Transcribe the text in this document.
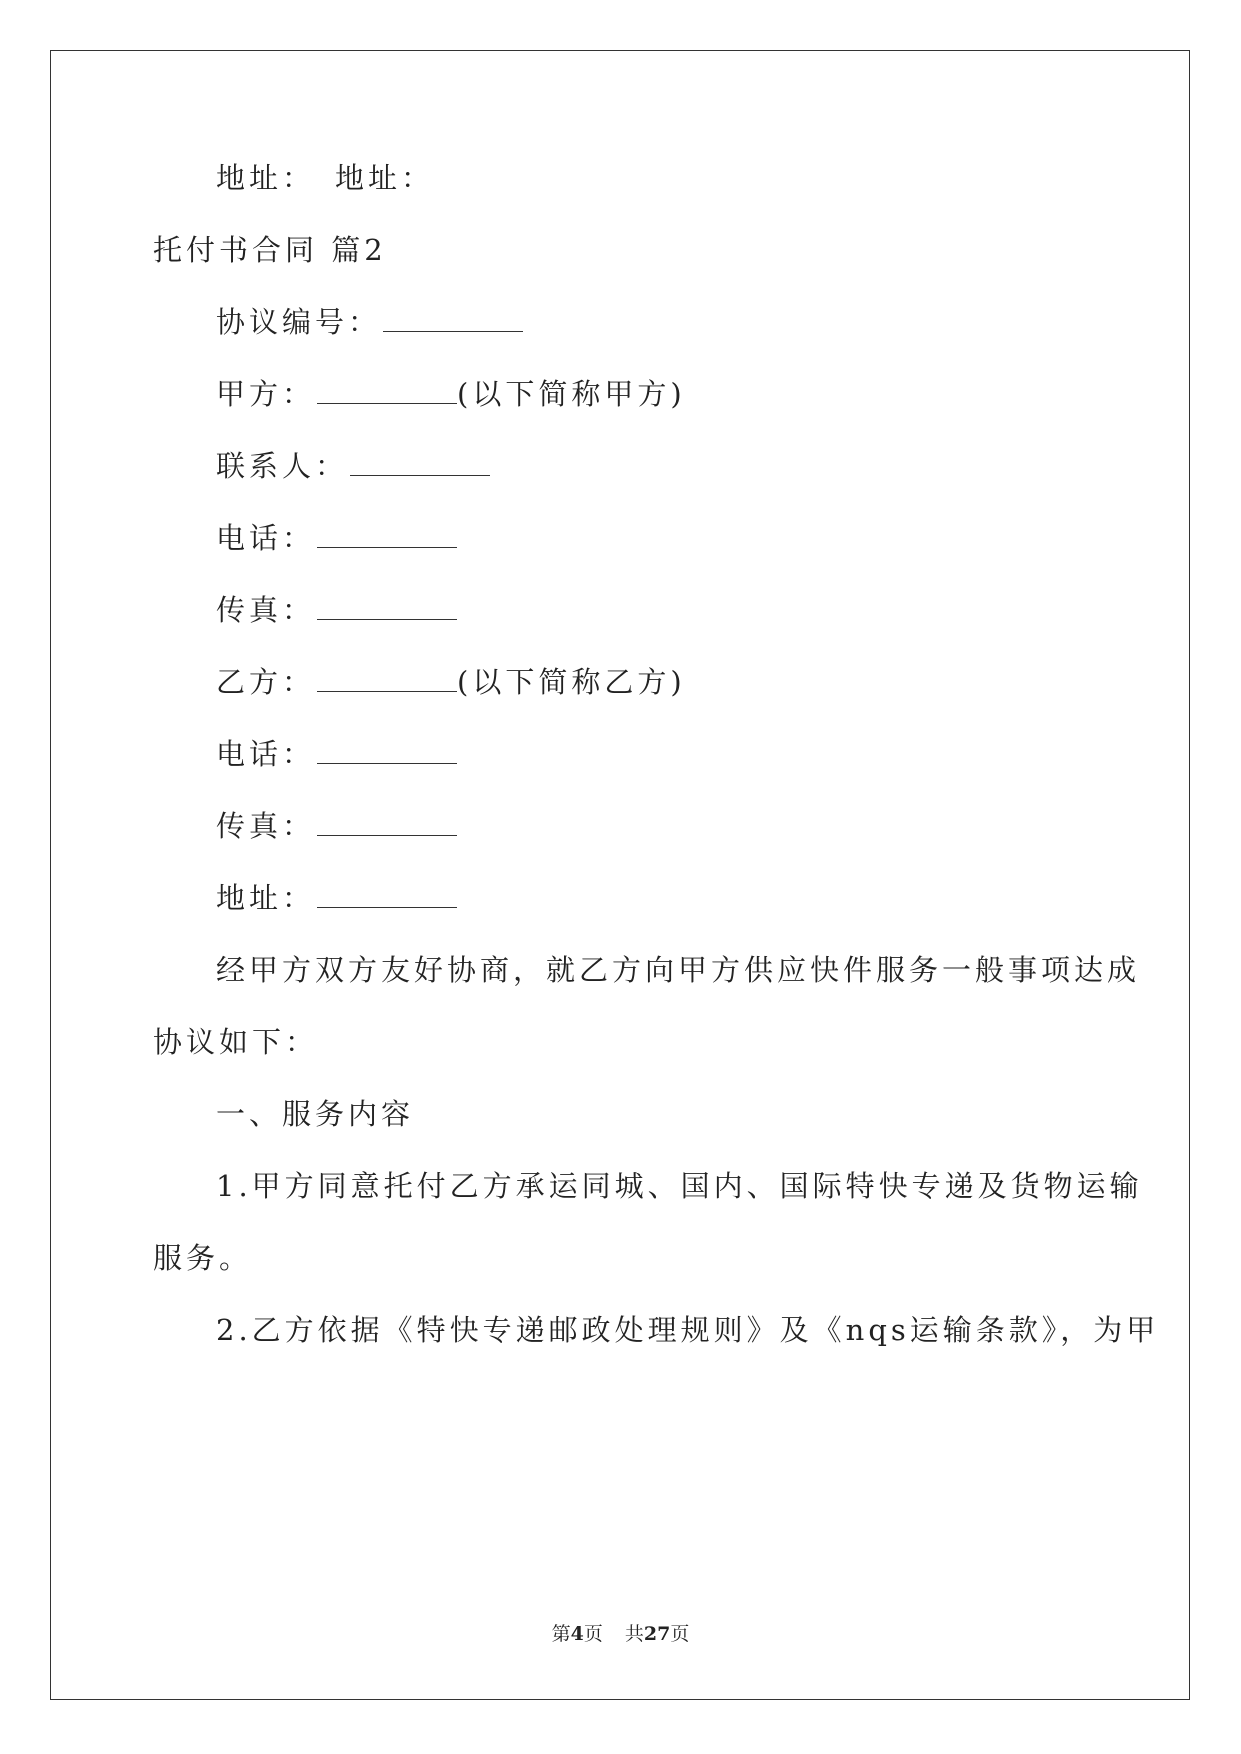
地址： 地址：
托付书合同 篇2
协议编号：
甲方：	(以下简称甲方)
联系人：
电话：
传真：
乙方：	(以下简称乙方)
电话：
传真：
地址：
经甲方双方友好协商，就乙方向甲方供应快件服务一般事项达成
协议如下：
一、服务内容
1.甲方同意托付乙方承运同城、国内、国际特快专递及货物运输
服务。
2.乙方依据《特快专递邮政处理规则》及《nqs运输条款》，为甲
第4页 共27页
